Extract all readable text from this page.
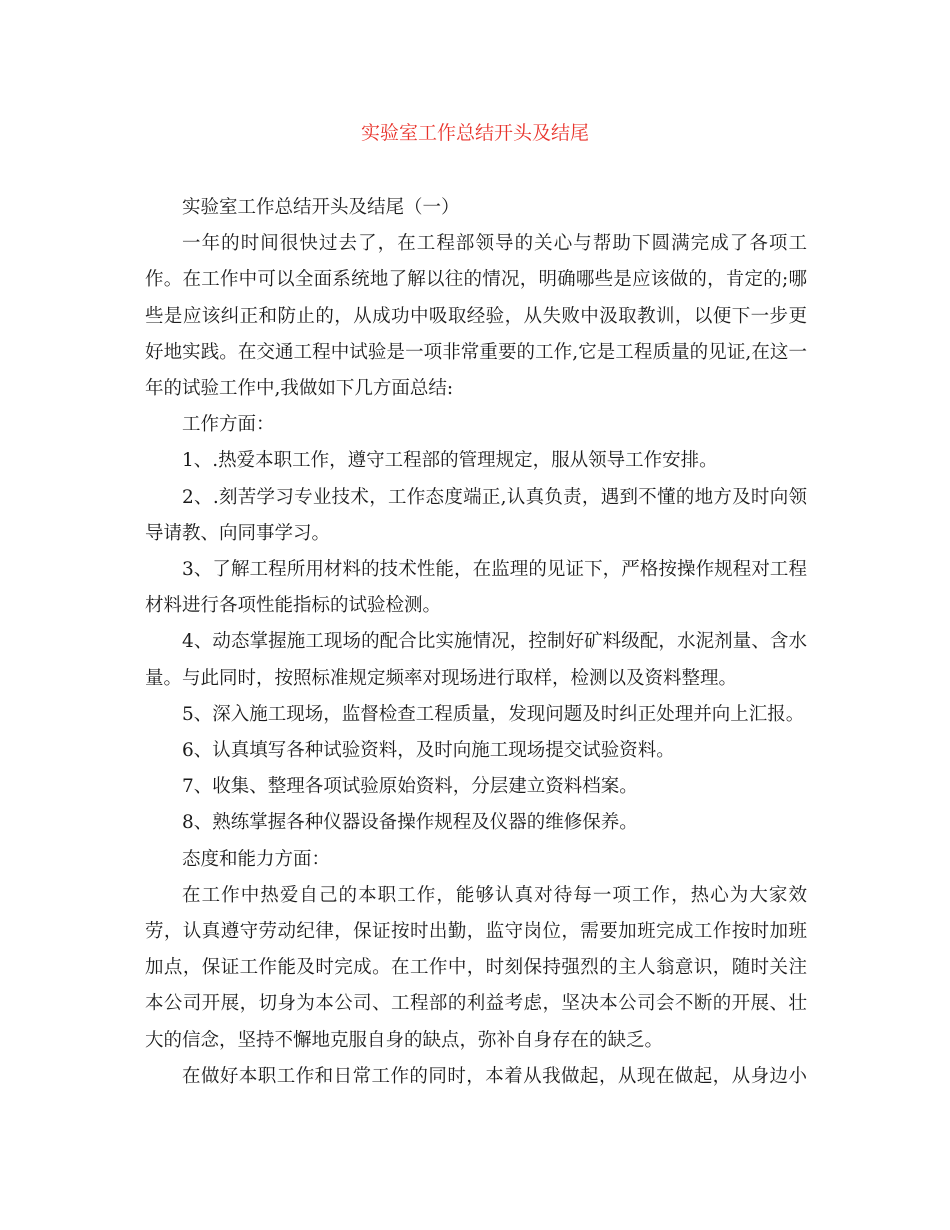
实验室工作总结开头及结尾

实验室工作总结开头及结尾（一）

一年的时间很快过去了，在工程部领导的关心与帮助下圆满完成了各项工作。在工作中可以全面系统地了解以往的情况，明确哪些是应该做的，肯定的;哪些是应该纠正和防止的，从成功中吸取经验，从失败中汲取教训，以便下一步更好地实践。在交通工程中试验是一项非常重要的工作,它是工程质量的见证,在这一年的试验工作中,我做如下几方面总结:

工作方面：

1、.热爱本职工作，遵守工程部的管理规定，服从领导工作安排。

2、.刻苦学习专业技术，工作态度端正,认真负责，遇到不懂的地方及时向领导请教、向同事学习。

3、了解工程所用材料的技术性能，在监理的见证下，严格按操作规程对工程材料进行各项性能指标的试验检测。

4、动态掌握施工现场的配合比实施情况，控制好矿料级配，水泥剂量、含水量。与此同时，按照标准规定频率对现场进行取样，检测以及资料整理。

5、深入施工现场，监督检查工程质量，发现问题及时纠正处理并向上汇报。

6、认真填写各种试验资料，及时向施工现场提交试验资料。

7、收集、整理各项试验原始资料，分层建立资料档案。

8、熟练掌握各种仪器设备操作规程及仪器的维修保养。

态度和能力方面：

在工作中热爱自己的本职工作，能够认真对待每一项工作，热心为大家效劳，认真遵守劳动纪律，保证按时出勤，监守岗位，需要加班完成工作按时加班加点，保证工作能及时完成。在工作中，时刻保持强烈的主人翁意识，随时关注本公司开展，切身为本公司、工程部的利益考虑，坚决本公司会不断的开展、壮大的信念，坚持不懈地克服自身的缺点，弥补自身存在的缺乏。

在做好本职工作和日常工作的同时，本着从我做起，从现在做起，从身边小
